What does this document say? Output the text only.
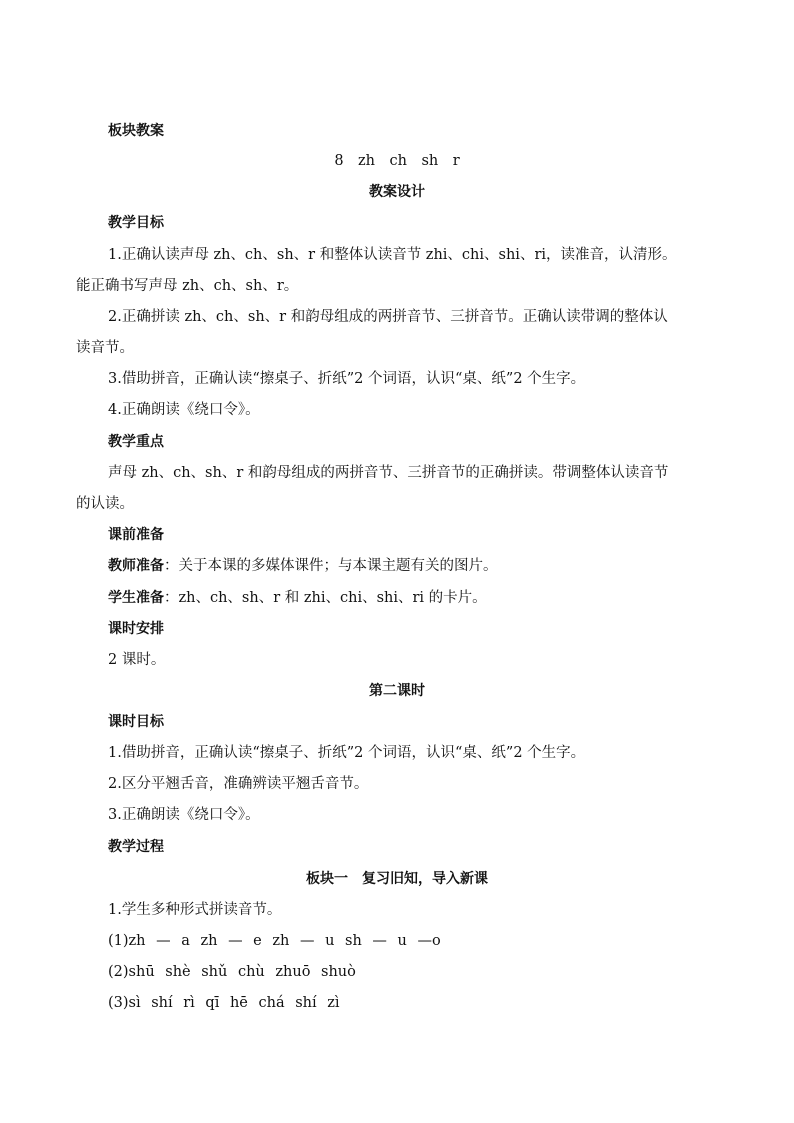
板块教案
8　zh　ch　sh　r
教案设计
教学目标
1.正确认读声母 zh、ch、sh、r 和整体认读音节 zhi、chi、shi、ri，读准音，认清形。
能正确书写声母 zh、ch、sh、r。
2.正确拼读 zh、ch、sh、r 和韵母组成的两拼音节、三拼音节。正确认读带调的整体认
读音节。
3.借助拼音，正确认读“擦桌子、折纸”2 个词语，认识“桌、纸”2 个生字。
4.正确朗读《绕口令》。
教学重点
声母 zh、ch、sh、r 和韵母组成的两拼音节、三拼音节的正确拼读。带调整体认读音节
的认读。
课前准备
教师准备：关于本课的多媒体课件；与本课主题有关的图片。
学生准备：zh、ch、sh、r 和 zhi、chi、shi、ri 的卡片。
课时安排
2 课时。
第二课时
课时目标
1.借助拼音，正确认读“擦桌子、折纸”2 个词语，认识“桌、纸”2 个生字。
2.区分平翘舌音，准确辨读平翘舌音节。
3.正确朗读《绕口令》。
教学过程
板块一　复习旧知，导入新课
1.学生多种形式拼读音节。
(1)zh — a zh — e zh — u sh — u —o
(2)shū shè shǔ chù zhuō shuò
(3)sì shí rì qī hē chá shí zì
